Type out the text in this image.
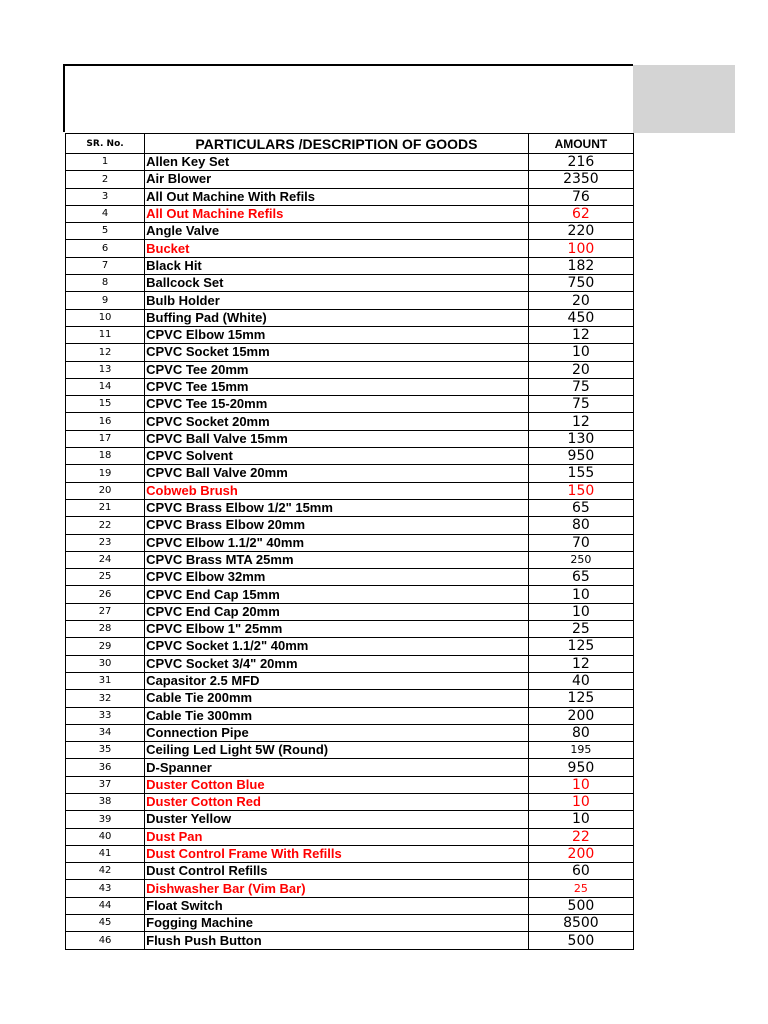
SR. No.	PARTICULARS /DESCRIPTION OF GOODS	AMOUNT
1	Allen Key Set	216
2	Air Blower	2350
3	All Out Machine With Refils	76
4	All Out Machine Refils	62
5	Angle Valve	220
6	Bucket	100
7	Black Hit	182
8	Ballcock Set	750
9	Bulb Holder	20
10	Buffing Pad (White)	450
11	CPVC Elbow 15mm	12
12	CPVC Socket 15mm	10
13	CPVC Tee 20mm	20
14	CPVC Tee 15mm	75
15	CPVC Tee 15-20mm	75
16	CPVC Socket 20mm	12
17	CPVC Ball Valve 15mm	130
18	CPVC Solvent	950
19	CPVC Ball Valve 20mm	155
20	Cobweb Brush	150
21	CPVC Brass Elbow 1/2" 15mm	65
22	CPVC Brass Elbow 20mm	80
23	CPVC Elbow 1.1/2" 40mm	70
24	CPVC Brass MTA 25mm	250
25	CPVC Elbow 32mm	65
26	CPVC End Cap 15mm	10
27	CPVC End Cap 20mm	10
28	CPVC Elbow 1" 25mm	25
29	CPVC Socket 1.1/2" 40mm	125
30	CPVC Socket 3/4" 20mm	12
31	Capasitor 2.5 MFD	40
32	Cable Tie 200mm	125
33	Cable Tie 300mm	200
34	Connection Pipe	80
35	Ceiling Led Light 5W (Round)	195
36	D-Spanner	950
37	Duster Cotton Blue	10
38	Duster Cotton Red	10
39	Duster Yellow	10
40	Dust Pan	22
41	Dust Control Frame With Refills	200
42	Dust Control Refills	60
43	Dishwasher Bar (Vim Bar)	25
44	Float Switch	500
45	Fogging Machine	8500
46	Flush Push Button	500
